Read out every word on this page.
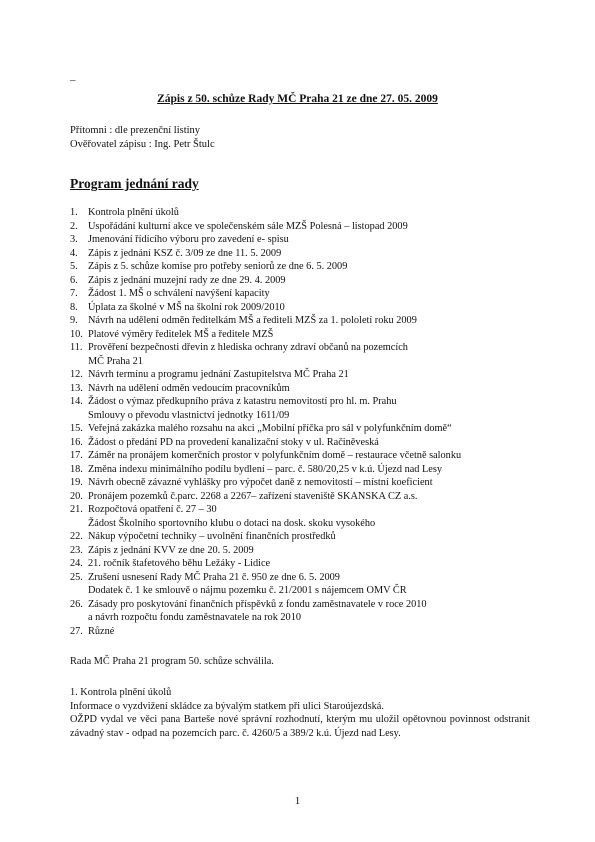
–
Zápis z 50. schůze Rady MČ Praha 21 ze dne 27. 05. 2009
Přítomni : dle prezenční listiny
Ověřovatel zápisu : Ing. Petr Štulc
Program jednání rady
1. Kontrola plnění úkolů
2. Uspořádání kulturní akce ve společenském sále MZŠ Polesná – listopad 2009
3. Jmenování řídícího výboru pro zavedení e- spisu
4. Zápis z jednání KSZ č. 3/09 ze dne 11. 5. 2009
5. Zápis z 5. schůze komise pro potřeby seniorů ze dne 6. 5. 2009
6. Zápis z jednání muzejní rady ze dne 29. 4. 2009
7. Žádost 1. MŠ o schválení navýšení kapacity
8. Úplata za školné v MŠ na školní rok 2009/2010
9. Návrh na udělení odměn ředitelkám MŠ a řediteli MZŠ za 1. pololetí roku 2009
10. Platové výměry ředitelek MŠ a ředitele MZŠ
11. Prověření bezpečnosti dřevin z hlediska ochrany zdraví občanů na pozemcích
MČ Praha 21
12. Návrh termínu a programu jednání Zastupitelstva MČ Praha 21
13. Návrh na udělení odměn vedoucím pracovníkům
14. Žádost o výmaz předkupního práva z katastru nemovitostí pro hl. m. Prahu
Smlouvy o převodu vlastnictví jednotky 1611/09
15. Veřejná zakázka malého rozsahu na akci „Mobilní příčka pro sál v polyfunkčním domě“
16. Žádost o předání PD na provedení kanalizační stoky v ul. Račiněveská
17. Záměr na pronájem komerčních prostor v polyfunkčním domě – restaurace včetně salonku
18. Změna indexu minimálního podílu bydlení – parc. č. 580/20,25 v k.ú. Újezd nad Lesy
19. Návrh obecně závazné vyhlášky pro výpočet daně z nemovitostí – místní koeficient
20. Pronájem pozemků č.parc. 2268 a 2267– zařízení staveniště SKANSKA CZ a.s.
21. Rozpočtová opatření č. 27 – 30
Žádost Školního sportovního klubu o dotaci na dosk. skoku vysokého
22. Nákup výpočetní techniky – uvolnění finančních prostředků
23. Zápis z jednání KVV ze dne 20. 5. 2009
24. 21. ročník štafetového běhu Ležáky - Lidice
25. Zrušení usnesení Rady MČ Praha 21 č. 950 ze dne 6. 5. 2009
Dodatek č. 1 ke smlouvě o nájmu pozemku č. 21/2001 s nájemcem OMV ČR
26. Zásady pro poskytování finančních příspěvků z fondu zaměstnavatele v roce 2010
a návrh rozpočtu fondu zaměstnavatele na rok 2010
27. Různé
Rada MČ Praha 21 program 50. schůze schválila.

1. Kontrola plnění úkolů

Informace o vyzdvižení skládce za bývalým statkem při ulici Staroújezdská.

OŽPD vydal ve věci pana Barteše nové správní rozhodnutí, kterým mu uložil opětovnou povinnost odstranit závadný stav - odpad na pozemcích parc. č. 4260/5 a 389/2 k.ú. Újezd nad Lesy.

1
